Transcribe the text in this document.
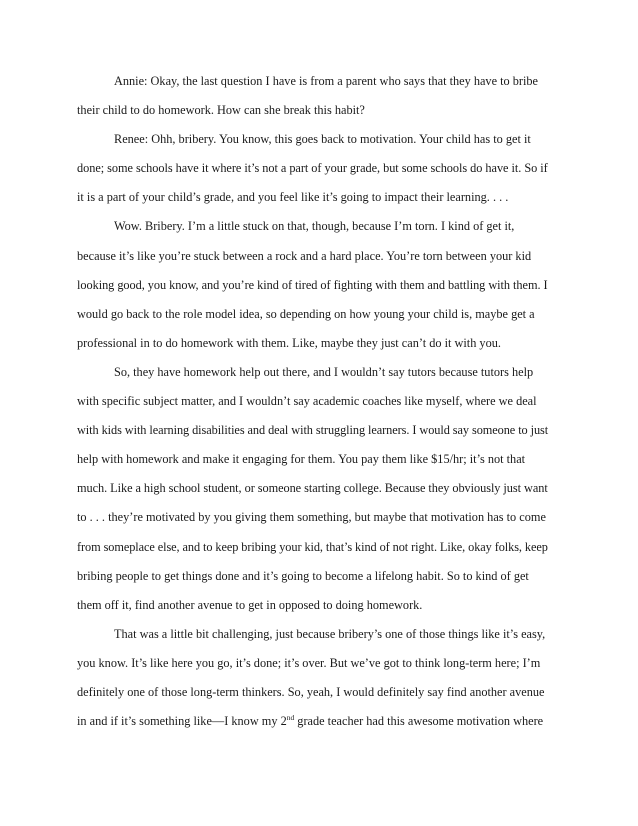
Annie: Okay, the last question I have is from a parent who says that they have to bribe
their child to do homework. How can she break this habit?
Renee: Ohh, bribery. You know, this goes back to motivation. Your child has to get it
done; some schools have it where it’s not a part of your grade, but some schools do have it. So if
it is a part of your child’s grade, and you feel like it’s going to impact their learning. . . .
Wow. Bribery. I’m a little stuck on that, though, because I’m torn. I kind of get it,
because it’s like you’re stuck between a rock and a hard place. You’re torn between your kid
looking good, you know, and you’re kind of tired of fighting with them and battling with them. I
would go back to the role model idea, so depending on how young your child is, maybe get a
professional in to do homework with them. Like, maybe they just can’t do it with you.
So, they have homework help out there, and I wouldn’t say tutors because tutors help
with specific subject matter, and I wouldn’t say academic coaches like myself, where we deal
with kids with learning disabilities and deal with struggling learners. I would say someone to just
help with homework and make it engaging for them. You pay them like $15/hr; it’s not that
much. Like a high school student, or someone starting college. Because they obviously just want
to . . . they’re motivated by you giving them something, but maybe that motivation has to come
from someplace else, and to keep bribing your kid, that’s kind of not right. Like, okay folks, keep
bribing people to get things done and it’s going to become a lifelong habit. So to kind of get
them off it, find another avenue to get in opposed to doing homework.
That was a little bit challenging, just because bribery’s one of those things like it’s easy,
you know. It’s like here you go, it’s done; it’s over. But we’ve got to think long-term here; I’m
definitely one of those long-term thinkers. So, yeah, I would definitely say find another avenue
in and if it’s something like—I know my 2nd grade teacher had this awesome motivation where
